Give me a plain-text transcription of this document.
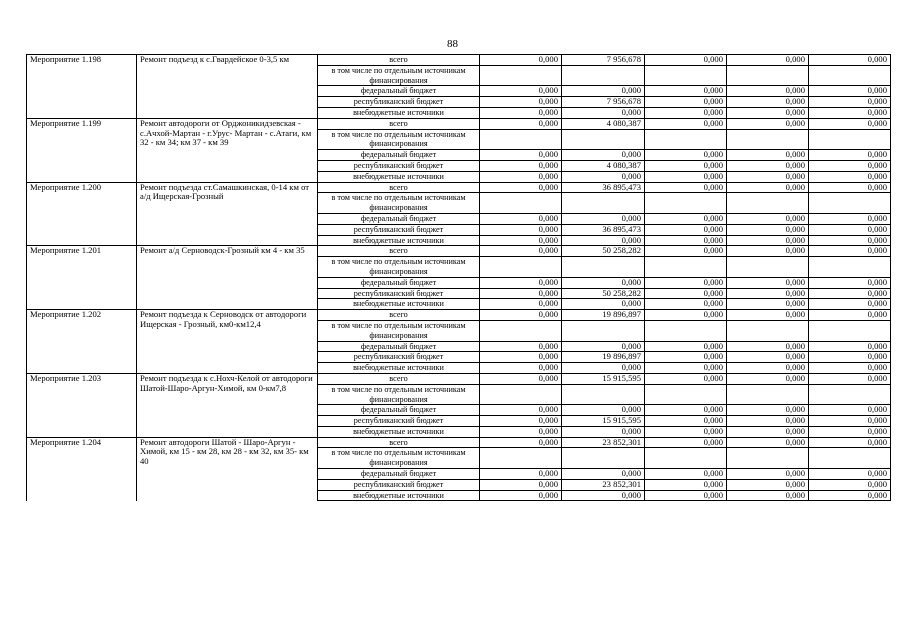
88
Мероприятие 1.198	Ремонт подъезд к с.Гвардейское 0-3,5 км	всего	0,000	7 956,678	0,000	0,000	0,000
		в том числе по отдельным источникам финансирования					
		федеральный бюджет	0,000	0,000	0,000	0,000	0,000
		республиканский бюджет	0,000	7 956,678	0,000	0,000	0,000
		внебюджетные источники	0,000	0,000	0,000	0,000	0,000
Мероприятие 1.199	Ремонт автодороги от Орджоникидзевская - с.Ачхой-Мартан - г.Урус- Мартан - с.Атаги, км 32 - км 34; км 37 - км 39	всего	0,000	4 080,387	0,000	0,000	0,000
		в том числе по отдельным источникам финансирования					
		федеральный бюджет	0,000	0,000	0,000	0,000	0,000
		республиканский бюджет	0,000	4 080,387	0,000	0,000	0,000
		внебюджетные источники	0,000	0,000	0,000	0,000	0,000
Мероприятие 1.200	Ремонт подъезда ст.Самашкинская, 0-14 км от а/д Ищерская-Грозный	всего	0,000	36 895,473	0,000	0,000	0,000
		в том числе по отдельным источникам финансирования					
		федеральный бюджет	0,000	0,000	0,000	0,000	0,000
		республиканский бюджет	0,000	36 895,473	0,000	0,000	0,000
		внебюджетные источники	0,000	0,000	0,000	0,000	0,000
Мероприятие 1.201	Ремонт а/д Серноводск-Грозный км 4 - км 35	всего	0,000	50 258,282	0,000	0,000	0,000
		в том числе по отдельным источникам финансирования					
		федеральный бюджет	0,000	0,000	0,000	0,000	0,000
		республиканский бюджет	0,000	50 258,282	0,000	0,000	0,000
		внебюджетные источники	0,000	0,000	0,000	0,000	0,000
Мероприятие 1.202	Ремонт подъезда к Серноводск от автодороги Ищерская - Грозный, км0-км12,4	всего	0,000	19 896,897	0,000	0,000	0,000
		в том числе по отдельным источникам финансирования					
		федеральный бюджет	0,000	0,000	0,000	0,000	0,000
		республиканский бюджет	0,000	19 896,897	0,000	0,000	0,000
		внебюджетные источники	0,000	0,000	0,000	0,000	0,000
Мероприятие 1.203	Ремонт подъезда к с.Нохч-Келой от автодороги Шатой-Шаро-Аргун-Химой, км 0-км7,8	всего	0,000	15 915,595	0,000	0,000	0,000
		в том числе по отдельным источникам финансирования					
		федеральный бюджет	0,000	0,000	0,000	0,000	0,000
		республиканский бюджет	0,000	15 915,595	0,000	0,000	0,000
		внебюджетные источники	0,000	0,000	0,000	0,000	0,000
Мероприятие 1.204	Ремонт автодороги Шатой - Шаро-Аргун - Химой, км 15 - км 28, км 28 - км 32, км 35- км 40	всего	0,000	23 852,301	0,000	0,000	0,000
		в том числе по отдельным источникам финансирования					
		федеральный бюджет	0,000	0,000	0,000	0,000	0,000
		республиканский бюджет	0,000	23 852,301	0,000	0,000	0,000
		внебюджетные источники	0,000	0,000	0,000	0,000	0,000
